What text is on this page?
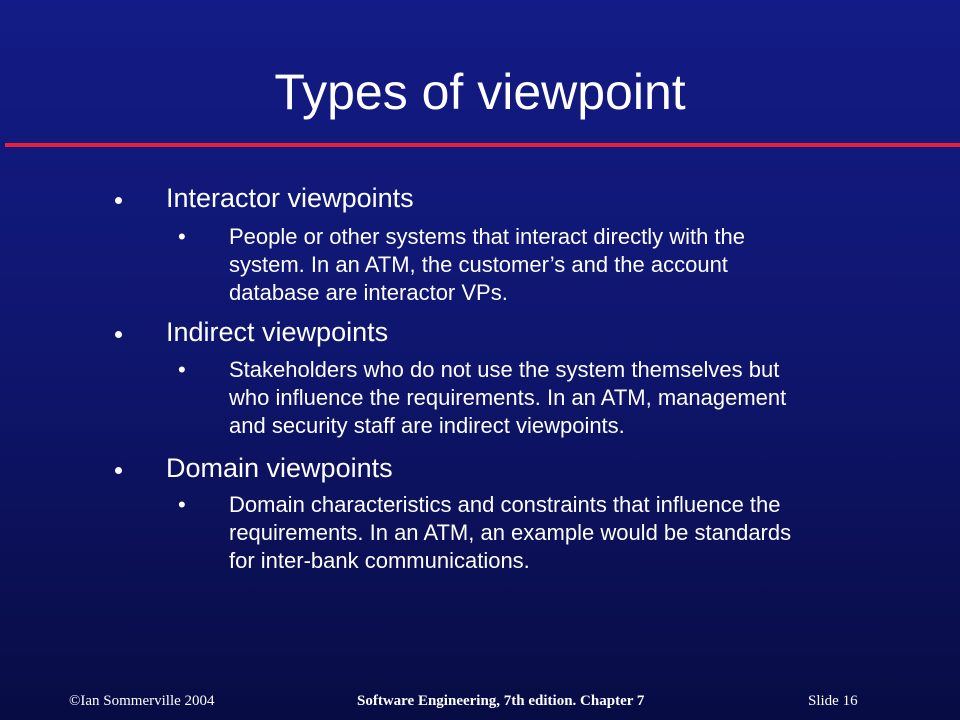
Types of viewpoint
Interactor viewpoints
• People or other systems that interact directly with the
system. In an ATM, the customer’s and the account
database are interactor VPs.
Indirect viewpoints
• Stakeholders who do not use the system themselves but
who influence the requirements. In an ATM, management
and security staff are indirect viewpoints.
Domain viewpoints
• Domain characteristics and constraints that influence the
requirements. In an ATM, an example would be standards
for inter-bank communications.
©Ian Sommerville 2004	Software Engineering, 7th edition. Chapter 7	Slide 16
